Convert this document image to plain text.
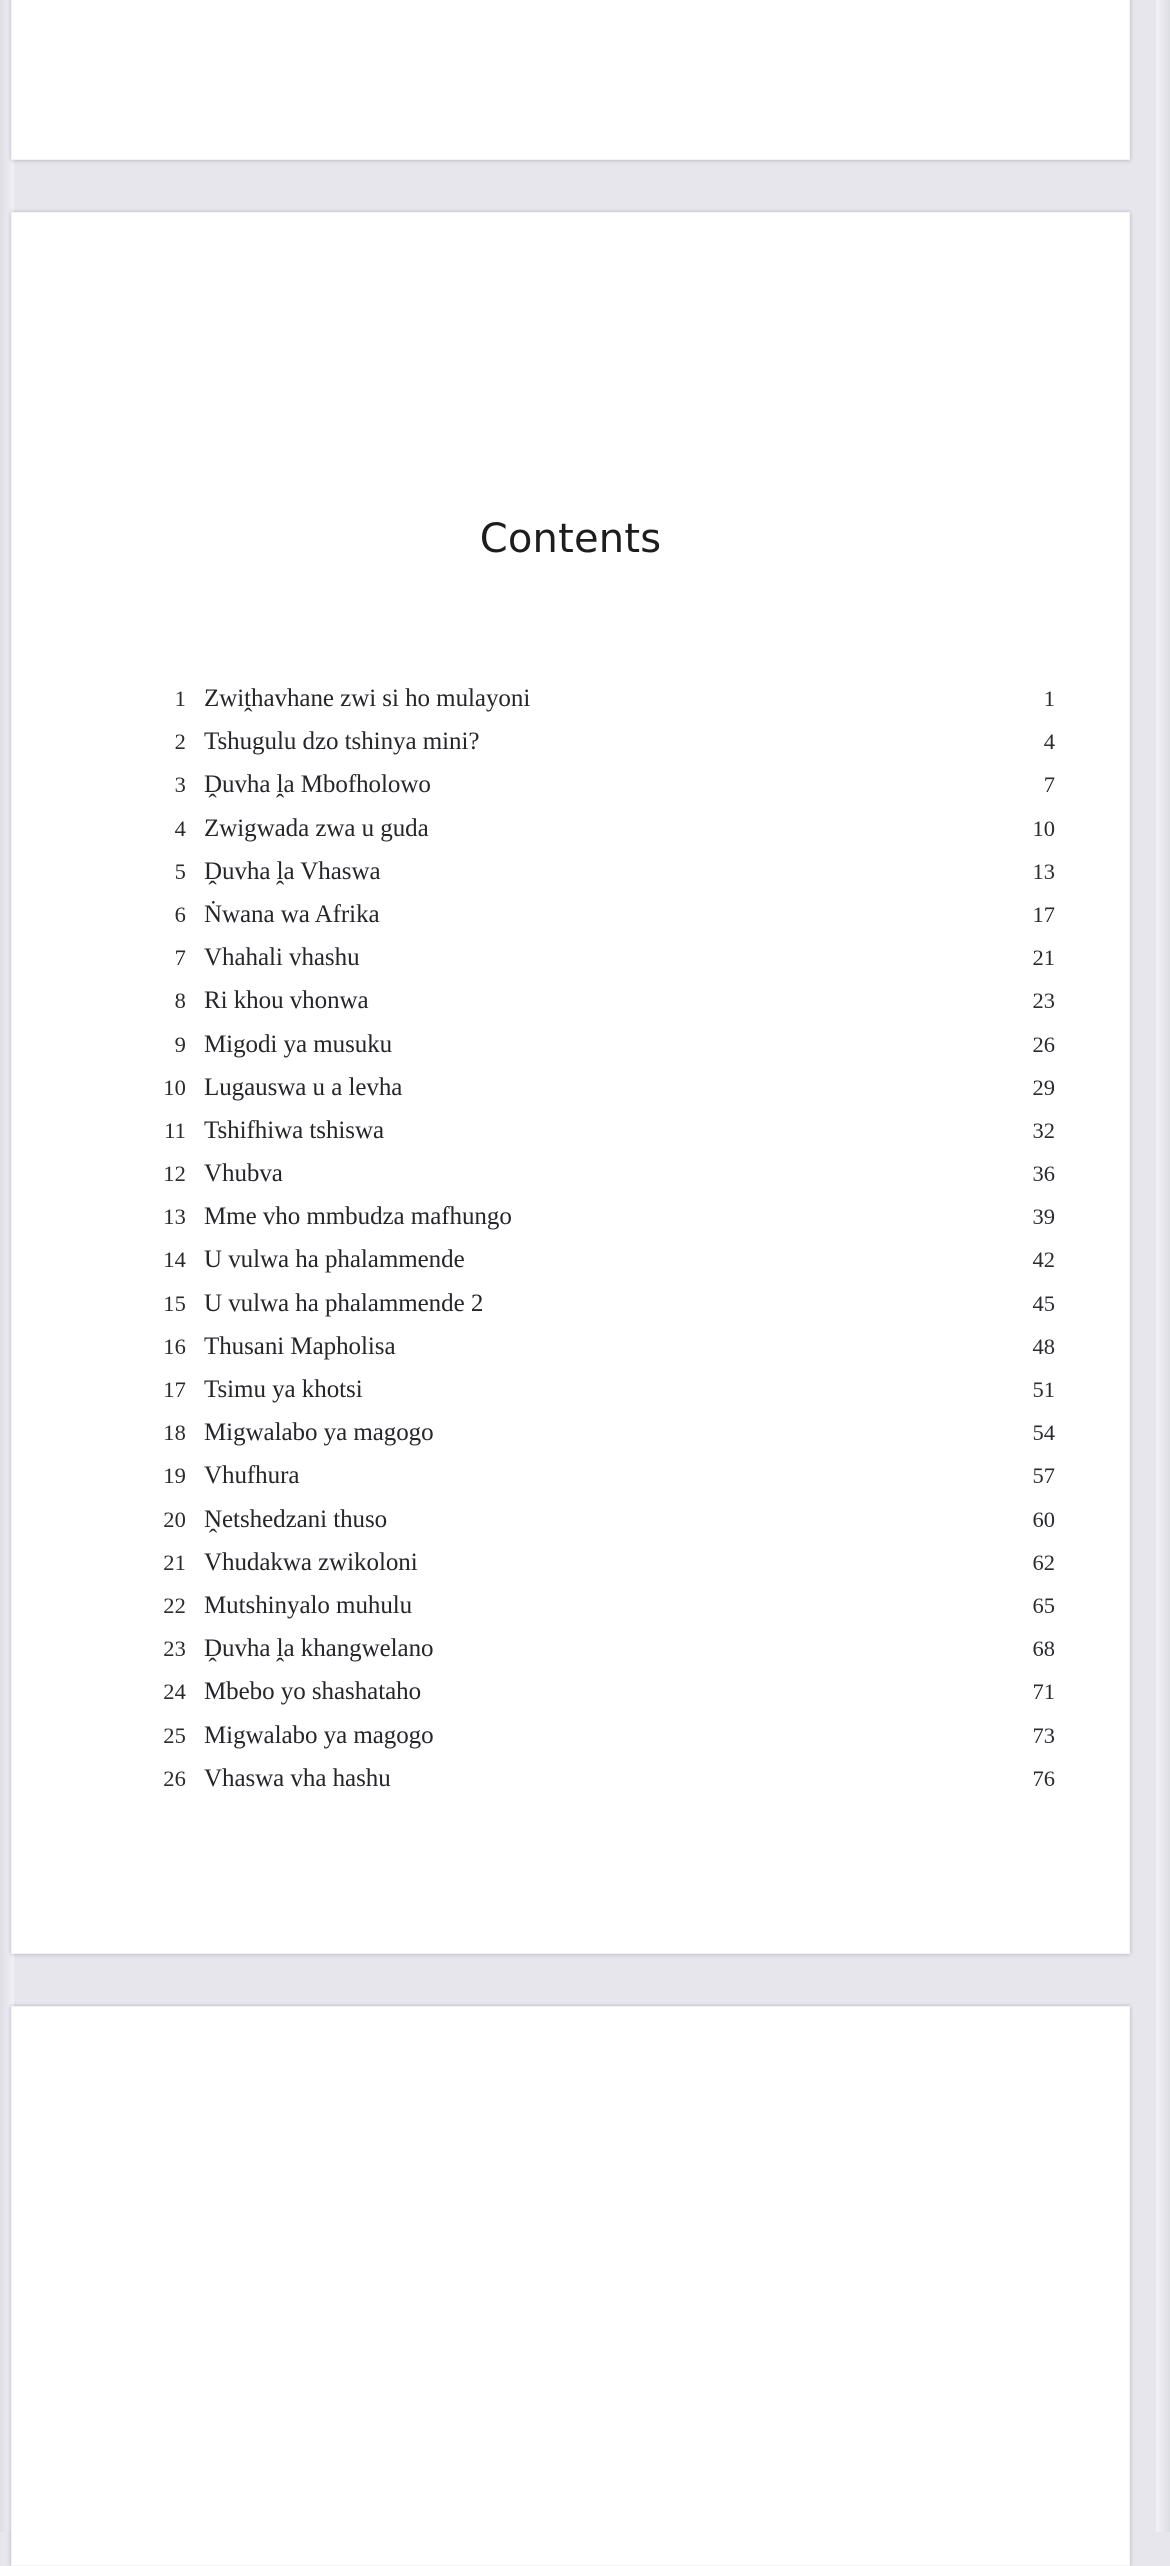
Contents
1 Zwiṱhavhane zwi si ho mulayoni	1
2 Tshugulu dzo tshinya mini?	4
3 Ḓuvha ḽa Mbofholowo	7
4 Zwigwada zwa u guda	10
5 Ḓuvha ḽa Vhaswa	13
6 Ṅwana wa Afrika	17
7 Vhahali vhashu	21
8 Ri khou vhonwa	23
9 Migodi ya musuku	26
10 Lugauswa u a levha	29
11 Tshifhiwa tshiswa	32
12 Vhubva	36
13 Mme vho mmbudza mafhungo	39
14 U vulwa ha phalammende	42
15 U vulwa ha phalammende 2	45
16 Thusani Mapholisa	48
17 Tsimu ya khotsi	51
18 Migwalabo ya magogo	54
19 Vhufhura	57
20 Ṋetshedzani thuso	60
21 Vhudakwa zwikoloni	62
22 Mutshinyalo muhulu	65
23 Ḓuvha ḽa khangwelano	68
24 Mbebo yo shashataho	71
25 Migwalabo ya magogo	73
26 Vhaswa vha hashu	76
